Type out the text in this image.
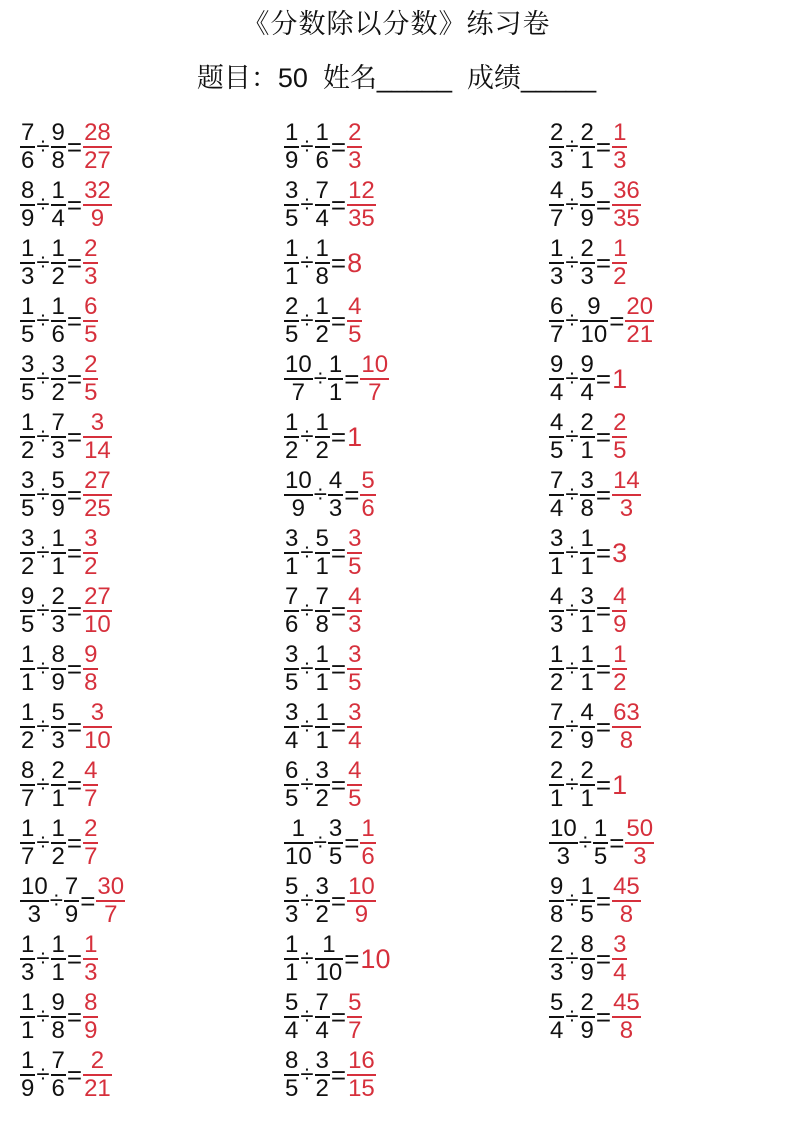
《分数除以分数》练习卷
题目：50  姓名_____  成绩_____
$\frac{7}{6} \div \frac{9}{8} = \frac{28}{27}$
$\frac{8}{9} \div \frac{1}{4} = \frac{32}{9}$
$\frac{1}{3} \div \frac{1}{2} = \frac{2}{3}$
$\frac{1}{5} \div \frac{1}{6} = \frac{6}{5}$
$\frac{3}{5} \div \frac{3}{2} = \frac{2}{5}$
$\frac{1}{2} \div \frac{7}{3} = \frac{3}{14}$
$\frac{3}{5} \div \frac{5}{9} = \frac{27}{25}$
$\frac{3}{2} \div \frac{1}{1} = \frac{3}{2}$
$\frac{9}{5} \div \frac{2}{3} = \frac{27}{10}$
$\frac{1}{1} \div \frac{8}{9} = \frac{9}{8}$
$\frac{1}{2} \div \frac{5}{3} = \frac{3}{10}$
$\frac{8}{7} \div \frac{2}{1} = \frac{4}{7}$
$\frac{1}{7} \div \frac{1}{2} = \frac{2}{7}$
$\frac{10}{3} \div \frac{7}{9} = \frac{30}{7}$
$\frac{1}{3} \div \frac{1}{1} = \frac{1}{3}$
$\frac{1}{1} \div \frac{9}{8} = \frac{8}{9}$
$\frac{1}{9} \div \frac{7}{6} = \frac{2}{21}$
$\frac{1}{9} \div \frac{1}{6} = \frac{2}{3}$
$\frac{3}{5} \div \frac{7}{4} = \frac{12}{35}$
$\frac{1}{1} \div \frac{1}{8} = 8$
$\frac{2}{5} \div \frac{1}{2} = \frac{4}{5}$
$\frac{10}{7} \div \frac{1}{1} = \frac{10}{7}$
$\frac{1}{2} \div \frac{1}{2} = 1$
$\frac{10}{9} \div \frac{4}{3} = \frac{5}{6}$
$\frac{3}{1} \div \frac{5}{1} = \frac{3}{5}$
$\frac{7}{6} \div \frac{7}{8} = \frac{4}{3}$
$\frac{3}{5} \div \frac{1}{1} = \frac{3}{5}$
$\frac{3}{4} \div \frac{1}{1} = \frac{3}{4}$
$\frac{6}{5} \div \frac{3}{2} = \frac{4}{5}$
$\frac{1}{10} \div \frac{3}{5} = \frac{1}{6}$
$\frac{5}{3} \div \frac{3}{2} = \frac{10}{9}$
$\frac{1}{1} \div \frac{1}{10} = 10$
$\frac{5}{4} \div \frac{7}{4} = \frac{5}{7}$
$\frac{8}{5} \div \frac{3}{2} = \frac{16}{15}$
$\frac{2}{3} \div \frac{2}{1} = \frac{1}{3}$
$\frac{4}{7} \div \frac{5}{9} = \frac{36}{35}$
$\frac{1}{3} \div \frac{2}{3} = \frac{1}{2}$
$\frac{6}{7} \div \frac{9}{10} = \frac{20}{21}$
$\frac{9}{4} \div \frac{9}{4} = 1$
$\frac{4}{5} \div \frac{2}{1} = \frac{2}{5}$
$\frac{7}{4} \div \frac{3}{8} = \frac{14}{3}$
$\frac{3}{1} \div \frac{1}{1} = 3$
$\frac{4}{3} \div \frac{3}{1} = \frac{4}{9}$
$\frac{1}{2} \div \frac{1}{1} = \frac{1}{2}$
$\frac{7}{2} \div \frac{4}{9} = \frac{63}{8}$
$\frac{2}{1} \div \frac{2}{1} = 1$
$\frac{10}{3} \div \frac{1}{5} = \frac{50}{3}$
$\frac{9}{8} \div \frac{1}{5} = \frac{45}{8}$
$\frac{2}{3} \div \frac{8}{9} = \frac{3}{4}$
$\frac{5}{4} \div \frac{2}{9} = \frac{45}{8}$
